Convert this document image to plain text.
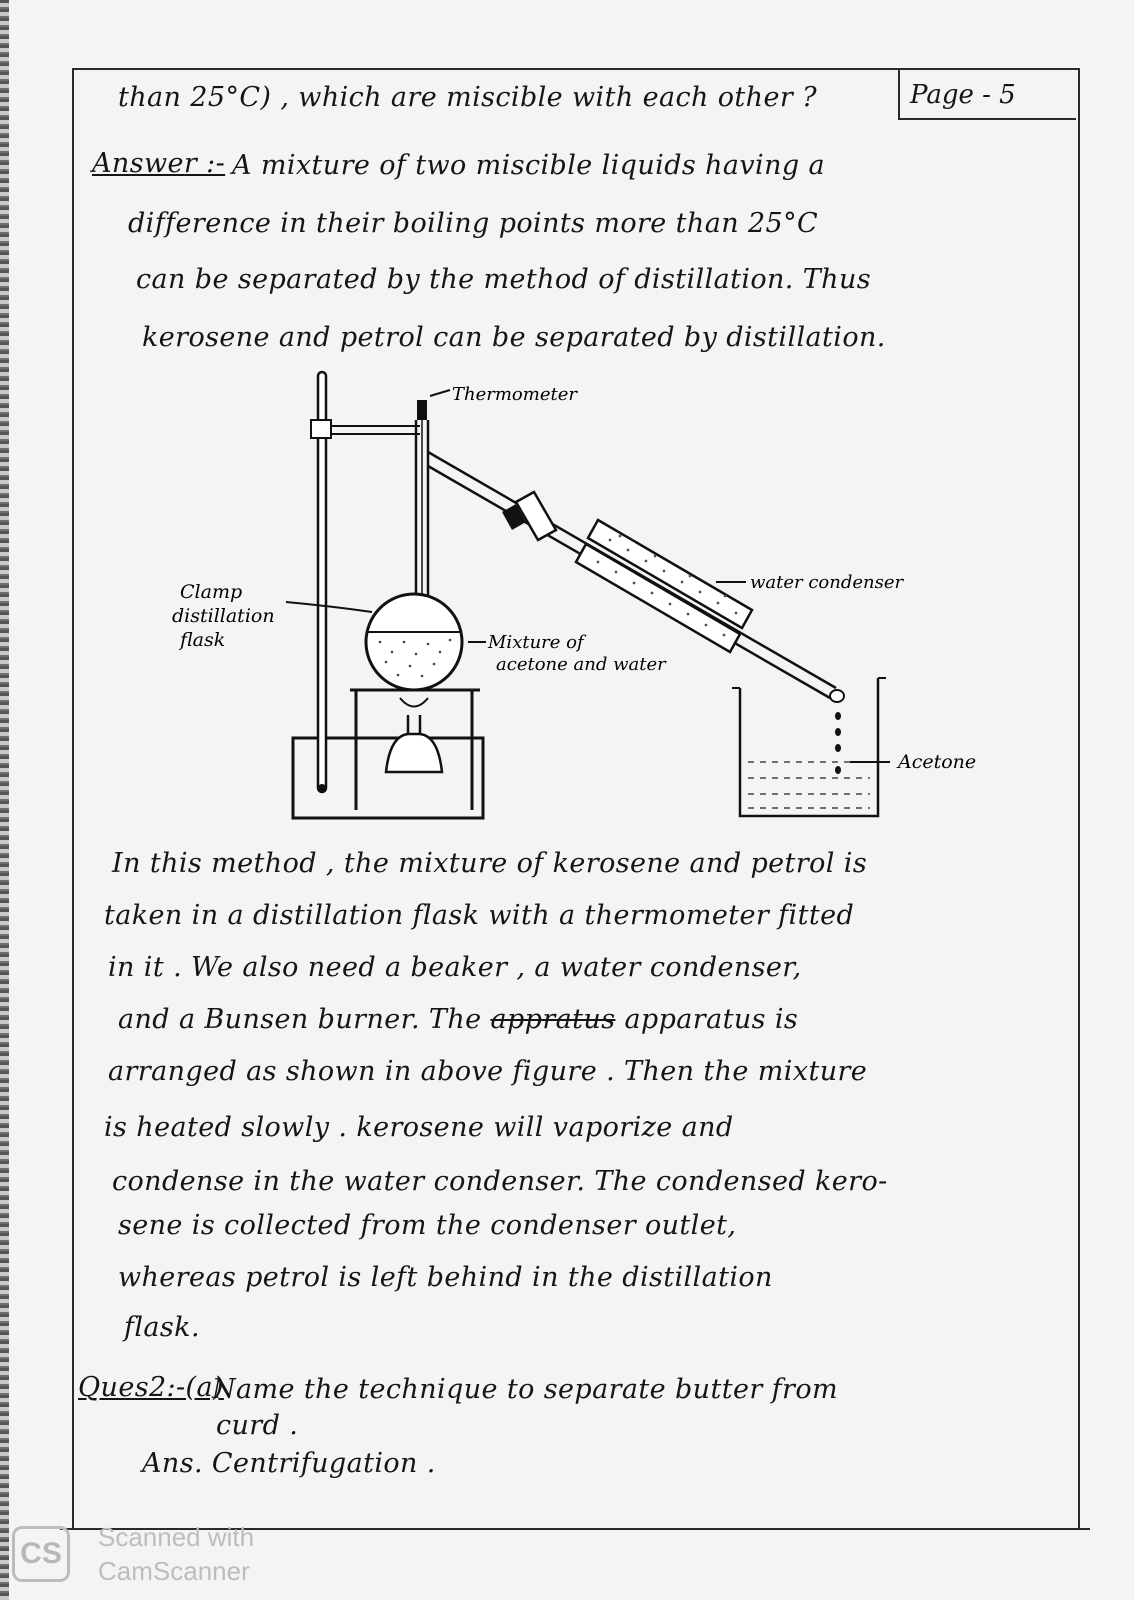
Page - 5
than 25°C) , which are miscible with each other ?
Answer :- A mixture of two miscible liquids having a
difference in their boiling points more than 25°C
can be separated by the method of distillation. Thus
kerosene and petrol can be separated by distillation.
Thermometer
Clamp
distillation
flask
water condenser
Mixture of
acetone and water
Acetone
In this method , the mixture of kerosene and petrol is
taken in a distillation flask with a thermometer fitted
in it . We also need a beaker , a water condenser,
and a Bunsen burner. The appratus apparatus is
arranged as shown in above figure . Then the mixture
is heated slowly . kerosene will vaporize and
condense in the water condenser. The condensed kero-
sene is collected from the condenser outlet,
whereas petrol is left behind in the distillation
flask.
Ques2:-(a)
Name the technique to separate butter from
curd .
Ans. Centrifugation .
CS	Scanned with
CamScanner
